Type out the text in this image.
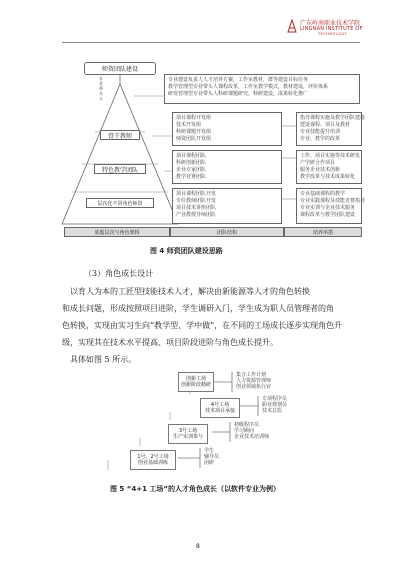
广东岭南职业技术学院
LINGNAN INSTITUTE OF
TECHNOLOGY
师资团队建设
专业带头人
骨干教师
特色教学团队
层次化不同角色师资
专业建设负责人人才培养方案，工作室教材，群等建设目标任务
教学管理型专业带头人课程改革，工作室教学模式，教材建设，评价体系
研发管理型专业带头人科研课题研究，科研建设，成果转化推广
项目课程开发组
技术开发组
科研课题开发组
师资团队开发组
指导课程实施及教学团队建设
建设课程、项目及教材
专业技能提升培训
专业、教学的改革
项目课程团队
科研创新团队
企业专家团队
教学竞赛团队
工作、项目实施等技术研发
产学研合作项目
服务企业技术创新
教学改革与技术成果转化
项目课程团队开发
专任教师团队开发
项目技术讲座团队
产业教授导师团队
专业基础课程的教学
专业实践课程及技能竞赛指导
专业实训与企业技术服务
课程改革与教学团队建设
底蕴层次与角色架构	团队结构	培养举措
图 4 师资团队建设思路
（3）角色成长设计
以育人为本的工匠型技能技术人才，解决由新能源等人才的角色转换
和成长问题，形成按照项目进阶，学生调研入门，学生成为职人员管理者的角
色转换，实现由实习生向“教学型、学中做”，在不同的工场成长逐步实现角色升
级，实现其在技术水平提高、项目阶段进阶与角色成长提升。
具体如图 5 所示。
创新工场
创新阶段精研
集合工作计划
人力资源管理师
创业领域执行官
4号工场
技术项目承接
专项程序员
职业规划员
技术总监
3号工场
生产实训参与
初级程序员
学习顾问
企业技术培训师
1号、2号工场
创业基础训练
学生
辅导员
团研
图 5 “4+1 工场”的人才角色成长（以软件专业为例）
8
